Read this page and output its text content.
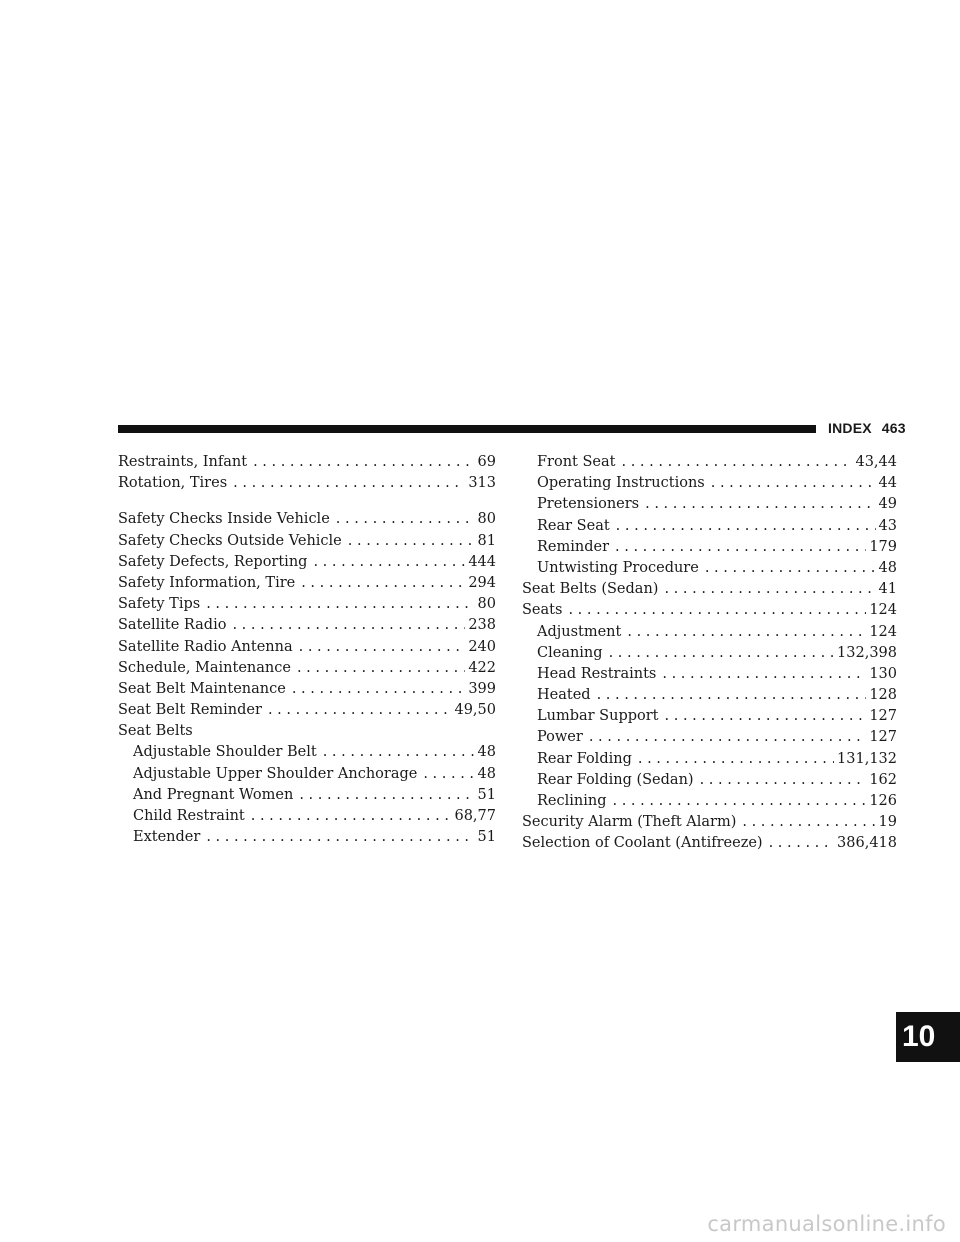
INDEX 463
Restraints, Infant . . .	69
Rotation, Tires . . .	313
Safety Checks Inside Vehicle . . .	80
Safety Checks Outside Vehicle . . .	81
Safety Defects, Reporting . . .	444
Safety Information, Tire . . .	294
Safety Tips . . .	80
Satellite Radio . . .	238
Satellite Radio Antenna . . .	240
Schedule, Maintenance . . .	422
Seat Belt Maintenance . . .	399
Seat Belt Reminder . . .	49,50
Seat Belts
Adjustable Shoulder Belt . . .	48
Adjustable Upper Shoulder Anchorage . . .	48
And Pregnant Women . . .	51
Child Restraint . . .	68,77
Extender . . .	51
Front Seat . . .	43,44
Operating Instructions . . .	44
Pretensioners . . .	49
Rear Seat . . .	43
Reminder . . .	179
Untwisting Procedure . . .	48
Seat Belts (Sedan) . . .	41
Seats . . .	124
Adjustment . . .	124
Cleaning . . .	132,398
Head Restraints . . .	130
Heated . . .	128
Lumbar Support . . .	127
Power . . .	127
Rear Folding . . .	131,132
Rear Folding (Sedan) . . .	162
Reclining . . .	126
Security Alarm (Theft Alarm) . . .	19
Selection of Coolant (Antifreeze) . . .	386,418
10
carmanualsonline.info
